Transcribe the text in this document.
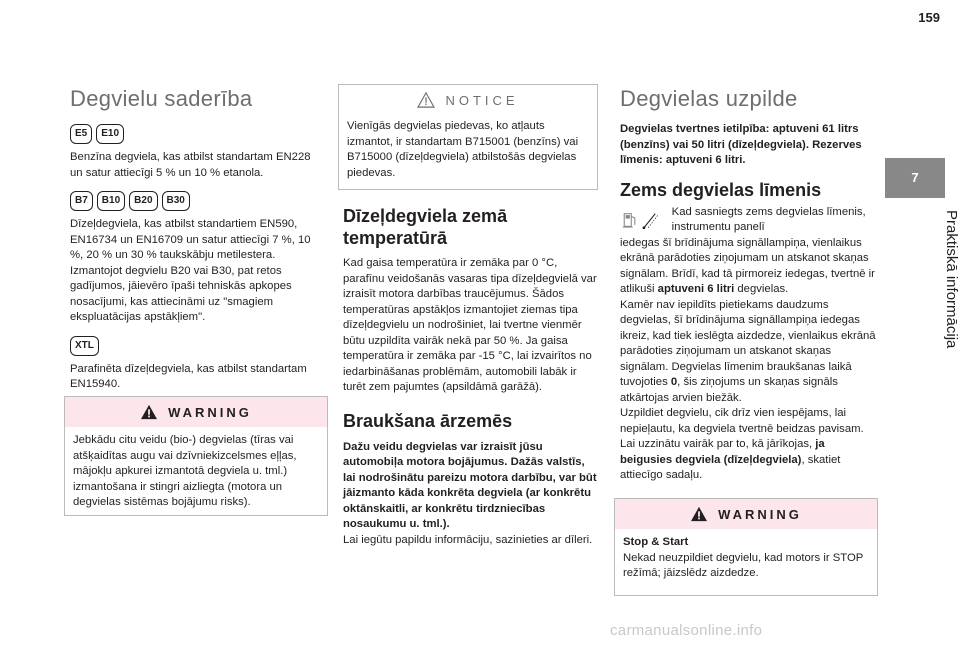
159
7
Praktiskā informācija
Degvielu saderība
E5	E10

Benzīna degviela, kas atbilst standartam EN228 un satur attiecīgi 5 % un 10 % etanola.

B7	B10	B20	B30

Dīzeļdegviela, kas atbilst standartiem EN590, EN16734 un EN16709 un satur attiecīgi 7 %, 10 %, 20 % un 30 % taukskābju metilestera. Izmantojot degvielu B20 vai B30, pat retos gadījumos, jāievēro īpaši tehniskās apkopes nosacījumi, kas attiecināmi uz "smagiem ekspluatācijas apstākļiem".

XTL

Parafinēta dīzeļdegviela, kas atbilst standartam EN15940.

WARNING

Jebkādu citu veidu (bio-) degvielas (tīras vai atšķaidītas augu vai dzīvniekizcelsmes eļļas, mājokļu apkurei izmantotā degviela u. tml.) izmantošana ir stingri aizliegta (motora un degvielas sistēmas bojājumu risks).

NOTICE

Vienīgās degvielas piedevas, ko atļauts izmantot, ir standartam B715001 (benzīns) vai B715000 (dīzeļdegviela) atbilstošās degvielas piedevas.

Dīzeļdegviela zemā temperatūrā

Kad gaisa temperatūra ir zemāka par 0 °C, parafīnu veidošanās vasaras tipa dīzeļdegvielā var izraisīt motora darbības traucējumus. Šādos temperatūras apstākļos izmantojiet ziemas tipa dīzeļdegvielu un nodrošiniet, lai tvertne vienmēr būtu uzpildīta vairāk nekā par 50 %. Ja gaisa temperatūra ir zemāka par -15 °C, lai izvairītos no iedarbināšanas problēmām, automobili labāk ir turēt zem pajumtes (apsildāmā garāžā).

Braukšana ārzemēs

Dažu veidu degvielas var izraisīt jūsu automobiļa motora bojājumus. Dažās valstīs, lai nodrošinātu pareizu motora darbību, var būt jāizmanto kāda konkrēta degviela (ar konkrētu oktānskaitli, ar konkrētu tirdzniecības nosaukumu u. tml.).

Lai iegūtu papildu informāciju, sazinieties ar dīleri.

Degvielas uzpilde

Degvielas tvertnes ietilpība: aptuveni 61 litrs (benzīns) vai 50 litri (dīzeļdegviela). Rezerves līmenis: aptuveni 6 litri.

Zems degvielas līmenis

Kad sasniegts zems degvielas līmenis, instrumentu panelī

iedegas šī brīdinājuma signāllampiņa, vienlaikus ekrānā parādoties ziņojumam un atskanot skaņas signālam. Brīdī, kad tā pirmoreiz iedegas, tvertnē ir atlikuši aptuveni 6 litri degvielas.

Kamēr nav iepildīts pietiekams daudzums degvielas, šī brīdinājuma signāllampiņa iedegas ikreiz, kad tiek ieslēgta aizdedze, vienlaikus ekrānā parādoties ziņojumam un atskanot skaņas signālam. Degvielas līmenim braukšanas laikā tuvojoties 0, šis ziņojums un skaņas signāls atkārtojas arvien biežāk.

Uzpildiet degvielu, cik drīz vien iespējams, lai nepieļautu, ka degviela tvertnē beidzas pavisam. Lai uzzinātu vairāk par to, kā jārīkojas, ja beigusies degviela (dīzeļdegviela), skatiet attiecīgo sadaļu.

WARNING

Stop & Start

Nekad neuzpildiet degvielu, kad motors ir STOP režīmā; jāizslēdz aizdedze.

carmanualsonline.info
